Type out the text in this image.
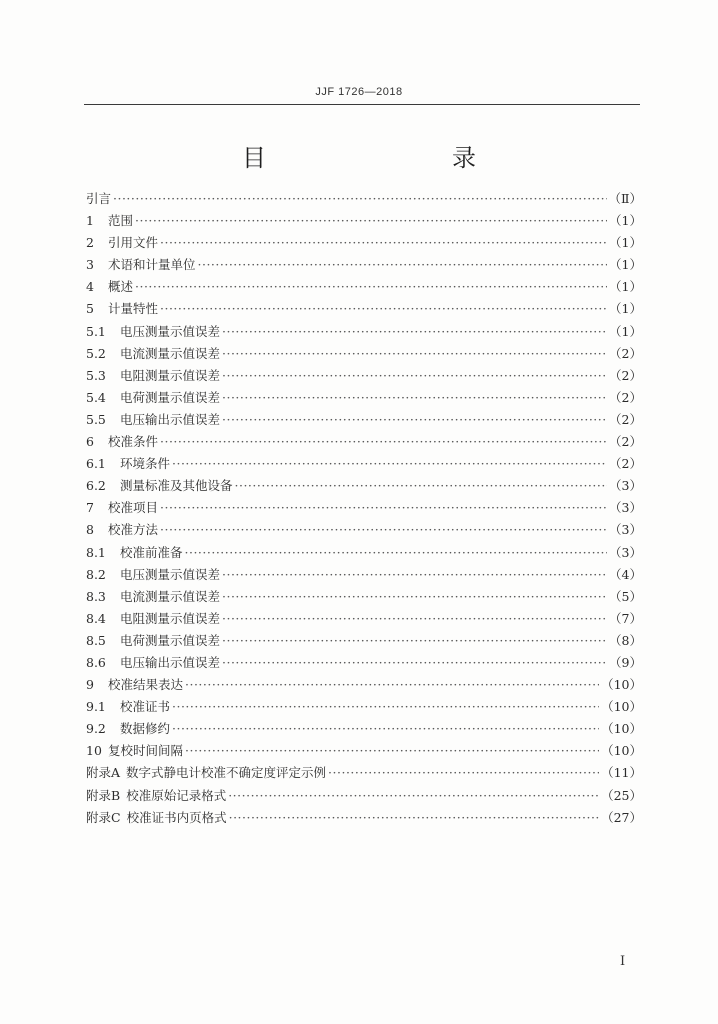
JJF 1726—2018
目　　录
引言 ·····	（Ⅱ）
1	范围 ·····	（1）
2	引用文件 ·····	（1）
3	术语和计量单位 ·····	（1）
4	概述 ·····	（1）
5	计量特性 ·····	（1）
5.1	电压测量示值误差 ·····	（1）
5.2	电流测量示值误差 ·····	（2）
5.3	电阻测量示值误差 ·····	（2）
5.4	电荷测量示值误差 ·····	（2）
5.5	电压输出示值误差 ·····	（2）
6	校准条件 ·····	（2）
6.1	环境条件 ·····	（2）
6.2	测量标准及其他设备 ·····	（3）
7	校准项目 ·····	（3）
8	校准方法 ·····	（3）
8.1	校准前准备 ·····	（3）
8.2	电压测量示值误差 ·····	（4）
8.3	电流测量示值误差 ·····	（5）
8.4	电阻测量示值误差 ·····	（7）
8.5	电荷测量示值误差 ·····	（8）
8.6	电压输出示值误差 ·····	（9）
9	校准结果表达 ·····	（10）
9.1	校准证书 ·····	（10）
9.2	数据修约 ·····	（10）
10 复校时间间隔 ·····	（10）
附录A 数字式静电计校准不确定度评定示例 ·····	（11）
附录B 校准原始记录格式 ·····	（25）
附录C 校准证书内页格式 ·····	（27）
Ⅰ
